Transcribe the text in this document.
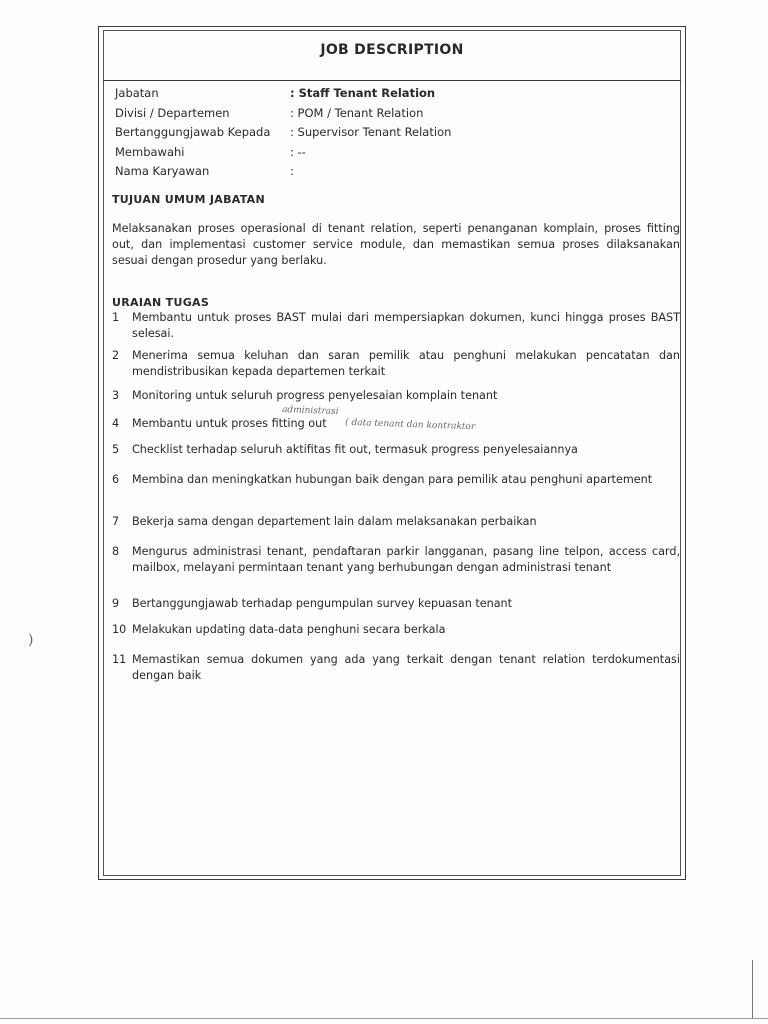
JOB DESCRIPTION
Jabatan	: Staff Tenant Relation
Divisi / Departemen	: POM / Tenant Relation
Bertanggungjawab Kepada : Supervisor Tenant Relation
Membawahi	: --
Nama Karyawan	:
TUJUAN UMUM JABATAN
Melaksanakan proses operasional di tenant relation, seperti penanganan komplain, proses fitting out, dan implementasi customer service module, dan memastikan semua proses dilaksanakan sesuai dengan prosedur yang berlaku.
URAIAN TUGAS
1	Membantu untuk proses BAST mulai dari mempersiapkan dokumen, kunci hingga proses BAST selesai.
2	Menerima semua keluhan dan saran pemilik atau penghuni melakukan pencatatan dan mendistribusikan kepada departemen terkait
3	Monitoring untuk seluruh progress penyelesaian komplain tenant
4	Membantu untuk proses fitting out
5	Checklist terhadap seluruh aktifitas fit out, termasuk progress penyelesaiannya
6	Membina dan meningkatkan hubungan baik dengan para pemilik atau penghuni apartement
7	Bekerja sama dengan departement lain dalam melaksanakan perbaikan
8	Mengurus administrasi tenant, pendaftaran parkir langganan, pasang line telpon, access card, mailbox, melayani permintaan tenant yang berhubungan dengan administrasi tenant
9	Bertanggungjawab terhadap pengumpulan survey kepuasan tenant
10 Melakukan updating data-data penghuni secara berkala
11 Memastikan semua dokumen yang ada yang terkait dengan tenant relation terdokumentasi dengan baik
administrasi
( data tenant dan kontraktor
)
